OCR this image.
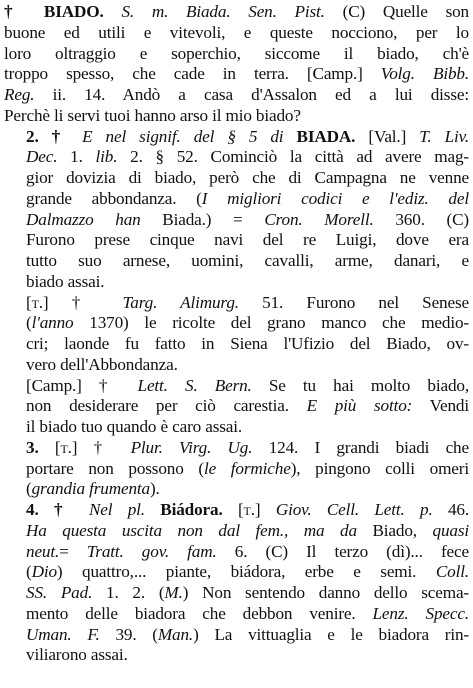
† BIADO. S. m. Biada. Sen. Pist. (C) Quelle son
buone ed utili e vitevoli, e queste nocciono, per lo
loro oltraggio e soperchio, siccome il biado, ch'è
troppo spesso, che cade in terra. [Camp.] Volg. Bibb.
Reg. ii. 14. Andò a casa d'Assalon ed a lui disse:
Perchè li servi tuoi hanno arso il mio biado?
2. † E nel signif. del § 5 di BIADA. [Val.] T. Liv.
Dec. 1. lib. 2. § 52. Cominciò la città ad avere mag-
gior dovizia di biado, però che di Campagna ne venne
grande abbondanza. (I migliori codici e l'ediz. del
Dalmazzo han Biada.) = Cron. Morell. 360. (C)
Furono prese cinque navi del re Luigi, dove era
tutto suo arnese, uomini, cavalli, arme, danari, e
biado assai.
[t.] † Targ. Alimurg. 51. Furono nel Senese
(l'anno 1370) le ricolte del grano manco che medio-
cri; laonde fu fatto in Siena l'Ufizio del Biado, ov-
vero dell'Abbondanza.
[Camp.] † Lett. S. Bern. Se tu hai molto biado,
non desiderare per ciò carestia. E più sotto: Vendi
il biado tuo quando è caro assai.
3. [t.] † Plur. Virg. Ug. 124. I grandi biadi che
portare non possono (le formiche), pingono colli omeri
(grandia frumenta).
4. † Nel pl. Biádora. [t.] Giov. Cell. Lett. p. 46.
Ha questa uscita non dal fem., ma da Biado, quasi
neut.= Tratt. gov. fam. 6. (C) Il terzo (dì)... fece
(Dio) quattro,... piante, biádora, erbe e semi. Coll.
SS. Pad. 1. 2. (M.) Non sentendo danno dello scema-
mento delle biadora che debbon venire. Lenz. Specc.
Uman. F. 39. (Man.) La vittuaglia e le biadora rin-
viliarono assai.
